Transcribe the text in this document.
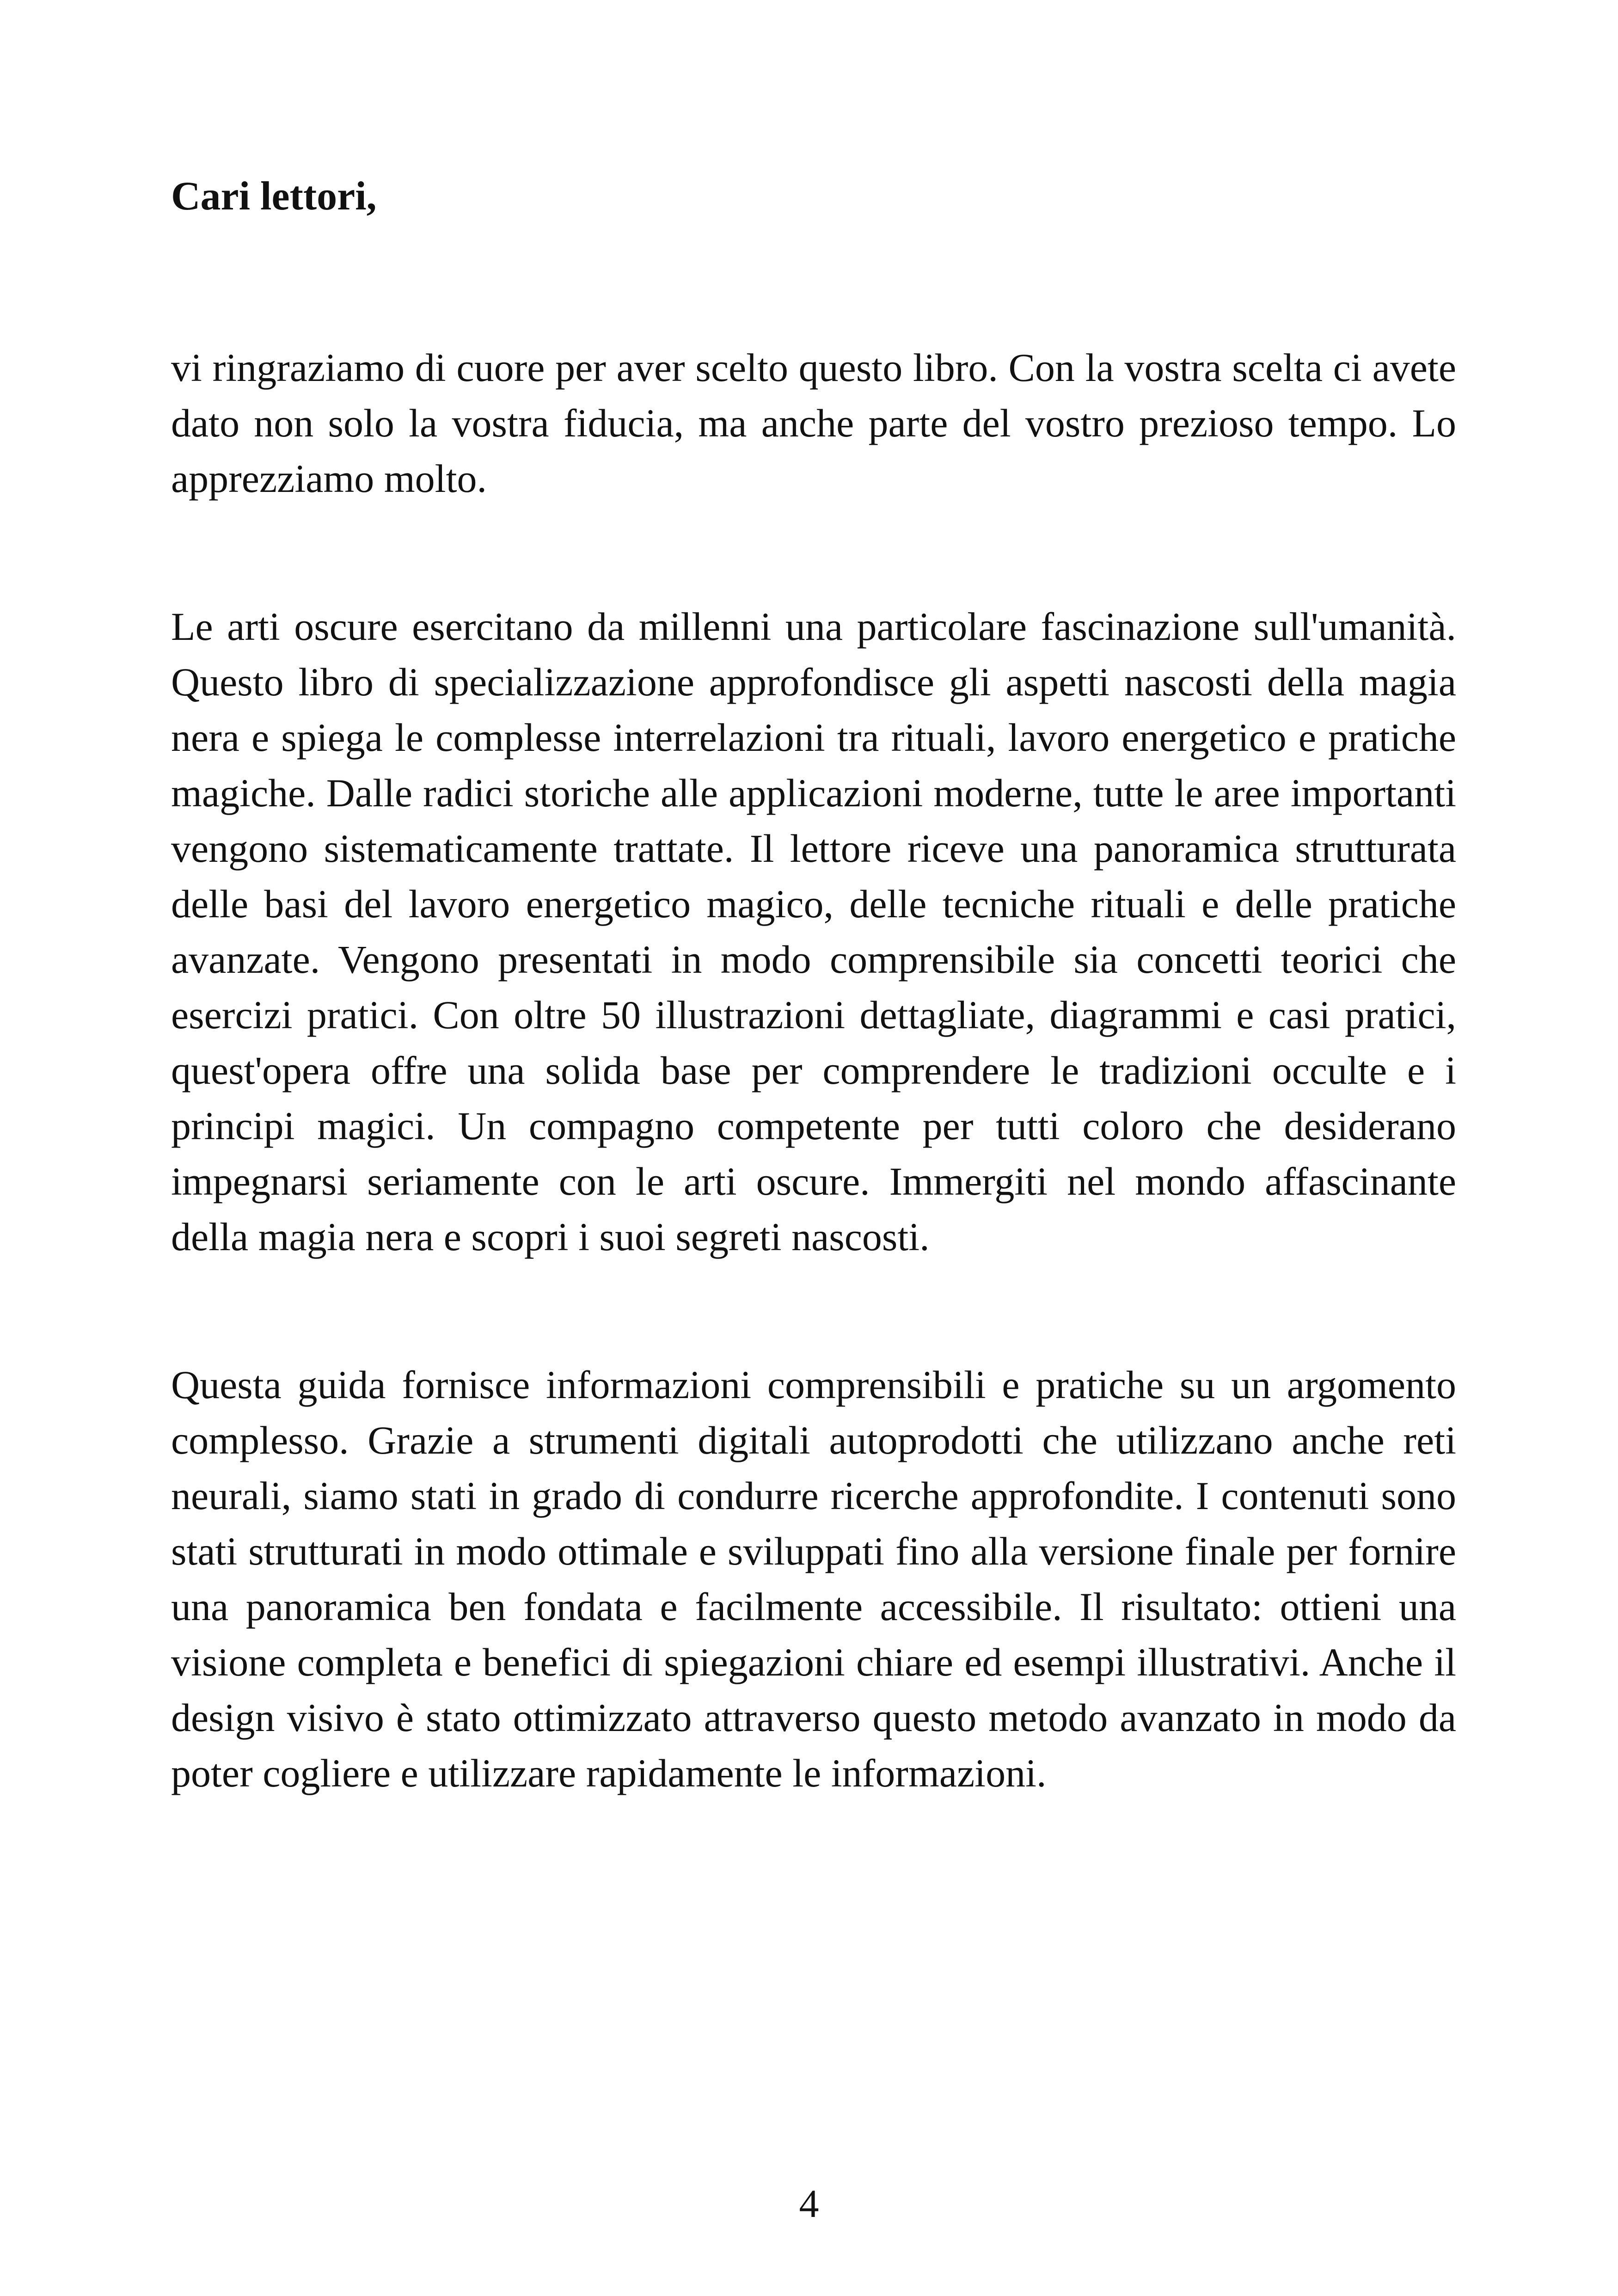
Cari lettori,

vi ringraziamo di cuore per aver scelto questo libro. Con la vostra scelta ci avete dato non solo la vostra fiducia, ma anche parte del vostro prezioso tempo. Lo apprezziamo molto.

Le arti oscure esercitano da millenni una particolare fascinazione sull'umanità. Questo libro di specializzazione approfondisce gli aspetti nascosti della magia nera e spiega le complesse interrelazioni tra rituali, lavoro energetico e pratiche magiche. Dalle radici storiche alle applicazioni moderne, tutte le aree importanti vengono sistematicamente trattate. Il lettore riceve una panoramica strutturata delle basi del lavoro energetico magico, delle tecniche rituali e delle pratiche avanzate. Vengono presentati in modo comprensibile sia concetti teorici che esercizi pratici. Con oltre 50 illustrazioni dettagliate, diagrammi e casi pratici, quest'opera offre una solida base per comprendere le tradizioni occulte e i principi magici. Un compagno competente per tutti coloro che desiderano impegnarsi seriamente con le arti oscure. Immergiti nel mondo affascinante della magia nera e scopri i suoi segreti nascosti.

Questa guida fornisce informazioni comprensibili e pratiche su un argomento complesso. Grazie a strumenti digitali autoprodotti che utilizzano anche reti neurali, siamo stati in grado di condurre ricerche approfondite. I contenuti sono stati strutturati in modo ottimale e sviluppati fino alla versione finale per fornire una panoramica ben fondata e facilmente accessibile. Il risultato: ottieni una visione completa e benefici di spiegazioni chiare ed esempi illustrativi. Anche il design visivo è stato ottimizzato attraverso questo metodo avanzato in modo da poter cogliere e utilizzare rapidamente le informazioni.

4
